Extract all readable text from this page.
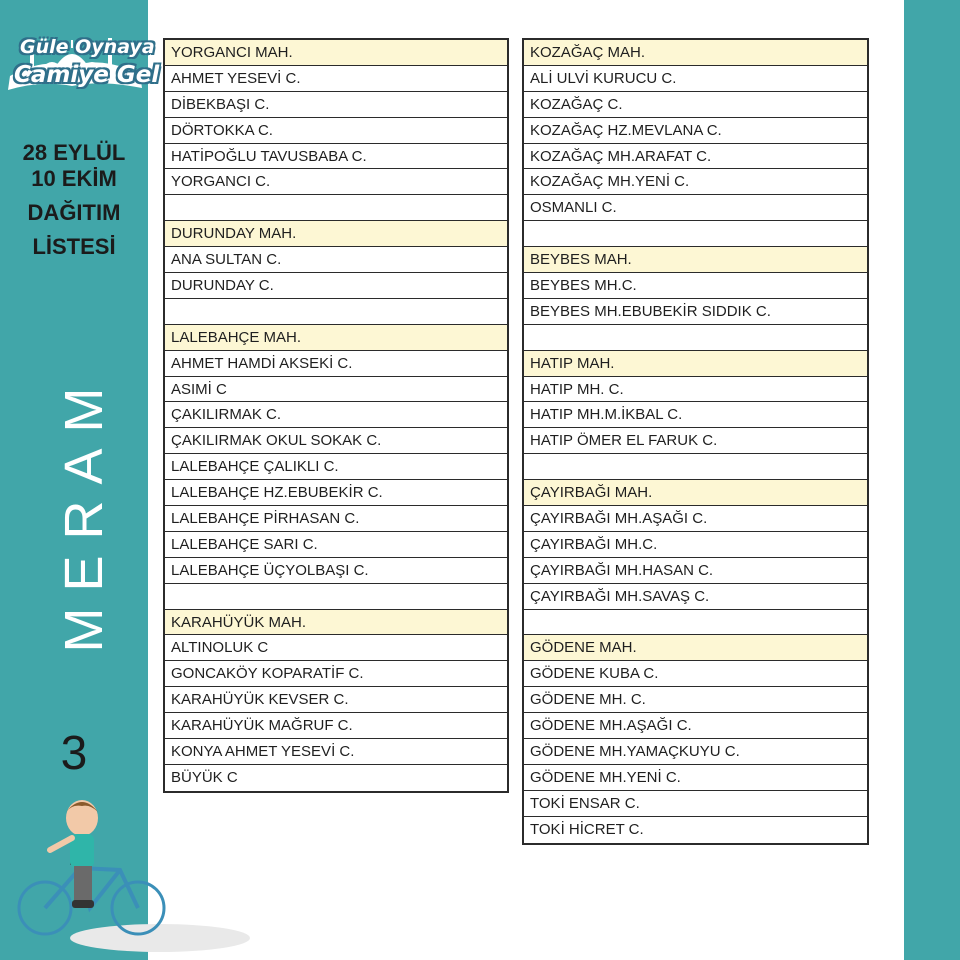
Güle Oynaya
Camiye Gel
28 EYLÜL
10 EKİM
DAĞITIM
LİSTESİ
MERAM
3
YORGANCI MAH.
AHMET YESEVİ C.
DİBEKBAŞI C.
DÖRTOKKA C.
HATİPOĞLU TAVUSBABA C.
YORGANCI C.
DURUNDAY MAH.
ANA SULTAN C.
DURUNDAY C.
LALEBAHÇE MAH.
AHMET HAMDİ AKSEKİ C.
ASIMİ C
ÇAKILIRMAK C.
ÇAKILIRMAK OKUL SOKAK C.
LALEBAHÇE ÇALIKLI C.
LALEBAHÇE HZ.EBUBEKİR C.
LALEBAHÇE PİRHASAN C.
LALEBAHÇE SARI C.
LALEBAHÇE ÜÇYOLBAŞI C.
KARAHÜYÜK MAH.
ALTINOLUK C
GONCAKÖY KOPARATİF C.
KARAHÜYÜK KEVSER C.
KARAHÜYÜK MAĞRUF C.
KONYA AHMET YESEVİ C.
BÜYÜK C
KOZAĞAÇ MAH.
ALİ ULVİ KURUCU C.
KOZAĞAÇ C.
KOZAĞAÇ HZ.MEVLANA C.
KOZAĞAÇ MH.ARAFAT C.
KOZAĞAÇ MH.YENİ C.
OSMANLI C.
BEYBES MAH.
BEYBES MH.C.
BEYBES MH.EBUBEKİR SIDDIK C.
HATIP MAH.
HATIP MH. C.
HATIP MH.M.İKBAL C.
HATIP ÖMER EL FARUK C.
ÇAYIRBAĞI MAH.
ÇAYIRBAĞI MH.AŞAĞI C.
ÇAYIRBAĞI MH.C.
ÇAYIRBAĞI MH.HASAN C.
ÇAYIRBAĞI MH.SAVAŞ C.
GÖDENE MAH.
GÖDENE KUBA C.
GÖDENE MH. C.
GÖDENE MH.AŞAĞI C.
GÖDENE MH.YAMAÇKUYU C.
GÖDENE MH.YENİ C.
TOKİ ENSAR C.
TOKİ HİCRET C.
